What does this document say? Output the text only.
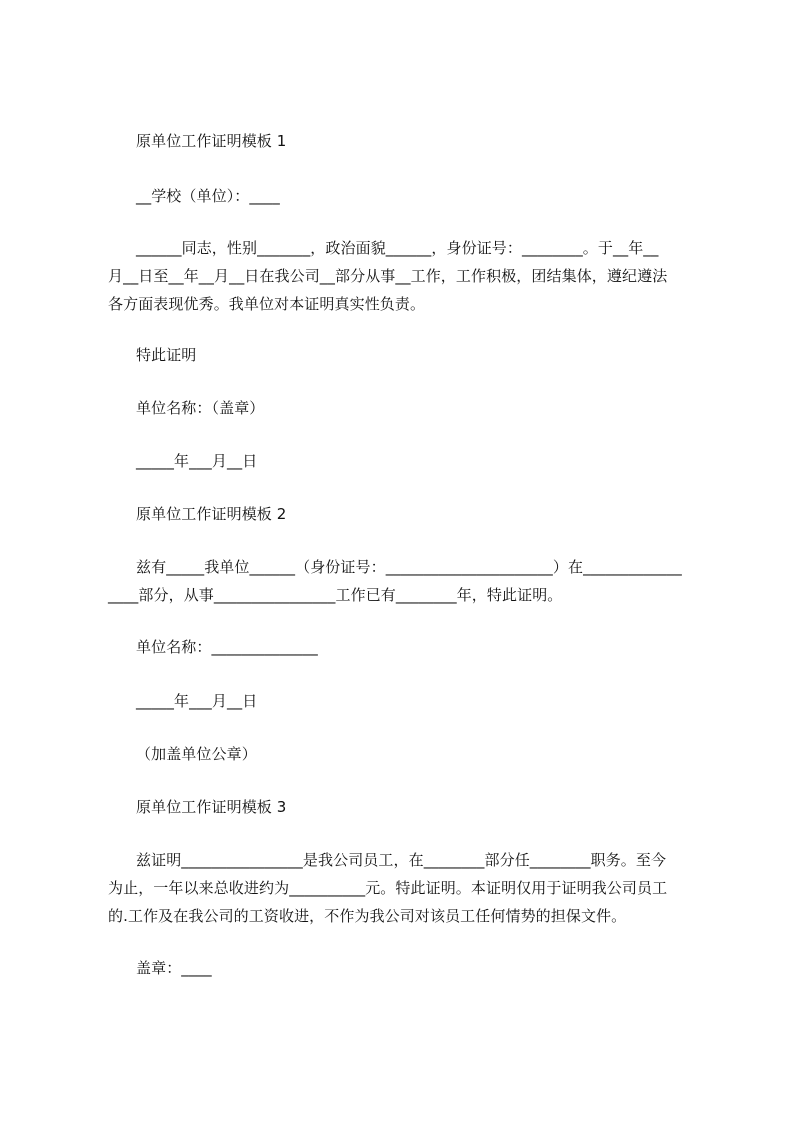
原单位工作证明模板 1
__学校（单位）：____
______同志，性别_______，政治面貌______，身份证号：________。于__年__
月__日至__年__月__日在我公司__部分从事__工作，工作积极，团结集体，遵纪遵法
各方面表现优秀。我单位对本证明真实性负责。
特此证明
单位名称：（盖章）
_____年___月__日
原单位工作证明模板 2
兹有_____我单位______（身份证号：______________________）在_____________
____部分，从事________________工作已有________年，特此证明。
单位名称：______________
_____年___月__日
（加盖单位公章）
原单位工作证明模板 3
兹证明________________是我公司员工，在________部分任________职务。至今
为止，一年以来总收进约为__________元。特此证明。本证明仅用于证明我公司员工
的.工作及在我公司的工资收进，不作为我公司对该员工任何情势的担保文件。
盖章：____
